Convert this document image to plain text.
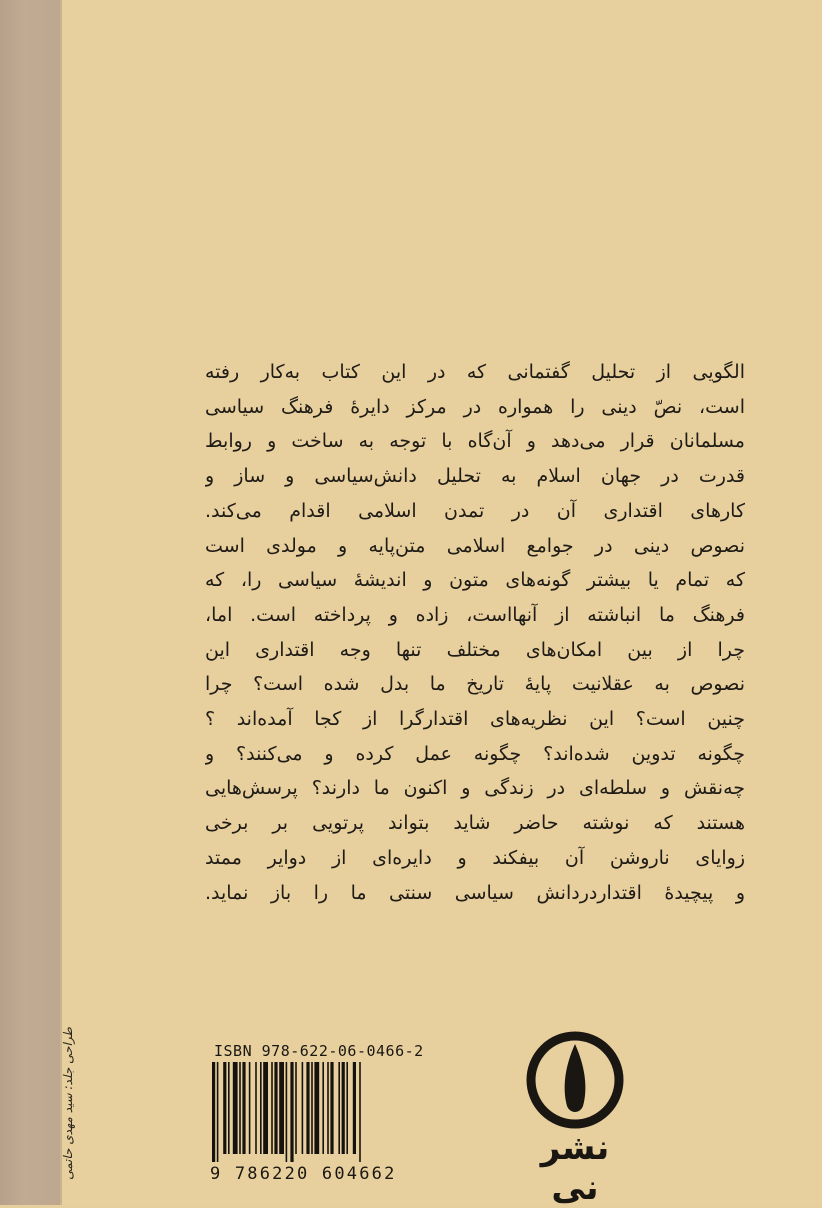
الگویی از تحلیل گفتمانی که در این کتاب به‌کار رفته
است، نصّ دینی را همواره در مرکز دایرهٔ فرهنگ سیاسی
مسلمانان قرار می‌دهد و آن‌گاه با توجه به ساخت و روابط
قدرت در جهان اسلام به تحلیل دانش‌سیاسی و ساز و
کارهای اقتداری آن در تمدن اسلامی اقدام می‌کند.
نصوص دینی در جوامع اسلامی متن‌پایه و مولدی است
که تمام یا بیشتر گونه‌های متون و اندیشهٔ سیاسی را، که
فرهنگ ما انباشته از آنهااست، زاده و پرداخته است. اما،
چرا از بین امکان‌های مختلف تنها وجه اقتداری این
نصوص به عقلانیت پایهٔ تاریخ ما بدل شده است؟ چرا
چنین است؟ این نظریه‌های اقتدارگرا از کجا آمده‌اند ؟
چگونه تدوین شده‌اند؟ چگونه عمل کرده و می‌کنند؟ و
چه‌نقش و سلطه‌ای در زندگی و اکنون ما دارند؟ پرسش‌هایی
هستند که نوشته حاضر شاید بتواند پرتویی بر برخی
زوایای ناروشن آن بیفکند و دایره‌ای از دوایر ممتد
و پیچیدهٔ اقتداردردانش سیاسی سنتی ما را باز نماید.
ISBN 978-622-06-0466-2
9 786220 604662
نشر نی
طراحی جلد: سید مهدی حاتمی
